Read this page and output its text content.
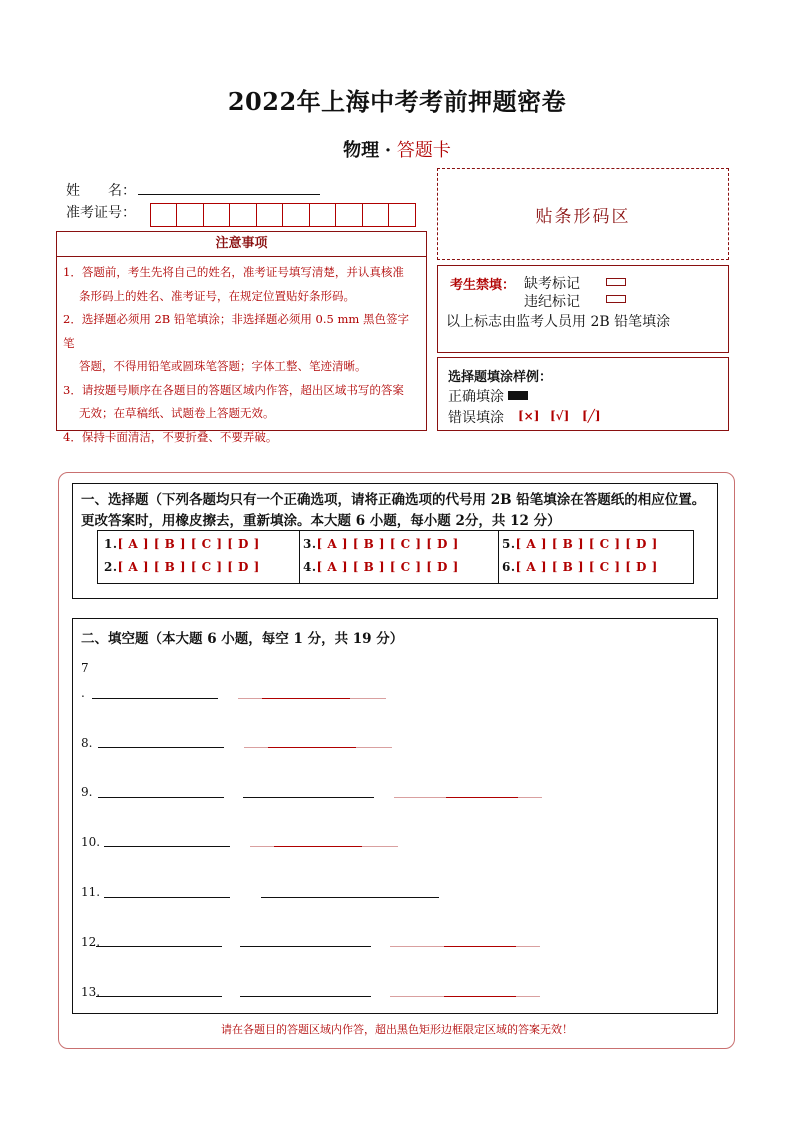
2022年上海中考考前押题密卷
物理 · 答题卡
姓　　名：
准考证号：	贴条形码区
注意事项

1．答题前，考生先将自己的姓名，准考证号填写清楚，并认真核准

条形码上的姓名、准考证号，在规定位置贴好条形码。

2．选择题必须用 2B 铅笔填涂；非选择题必须用 0.5 mm 黑色签字笔

答题，不得用铅笔或圆珠笔答题；字体工整、笔迹清晰。

3．请按题号顺序在各题目的答题区域内作答，超出区域书写的答案

无效；在草稿纸、试题卷上答题无效。

4．保持卡面清洁，不要折叠、不要弄破。

考生禁填： 缺考标记
违纪标记
以上标志由监考人员用 2B 铅笔填涂
选择题填涂样例：
正确填涂
错误填涂 [×] [√] [╱]
一、选择题（下列各题均只有一个正确选项，请将正确选项的代号用 2B 铅笔填涂在答题纸的相应位置。
更改答案时，用橡皮擦去，重新填涂。本大题 6 小题，每小题 2分，共 12 分）
1.[ A ] [ B ] [ C ] [ D ]
2.[ A ] [ B ] [ C ] [ D ]
3.[ A ] [ B ] [ C ] [ D ]
4.[ A ] [ B ] [ C ] [ D ]
5.[ A ] [ B ] [ C ] [ D ]
6.[ A ] [ B ] [ C ] [ D ]
二、填空题（本大题 6 小题，每空 1 分，共 19 分）
7
.
8.
9.
10.
11.
12.
13.
请在各题目的答题区域内作答，超出黑色矩形边框限定区域的答案无效！
